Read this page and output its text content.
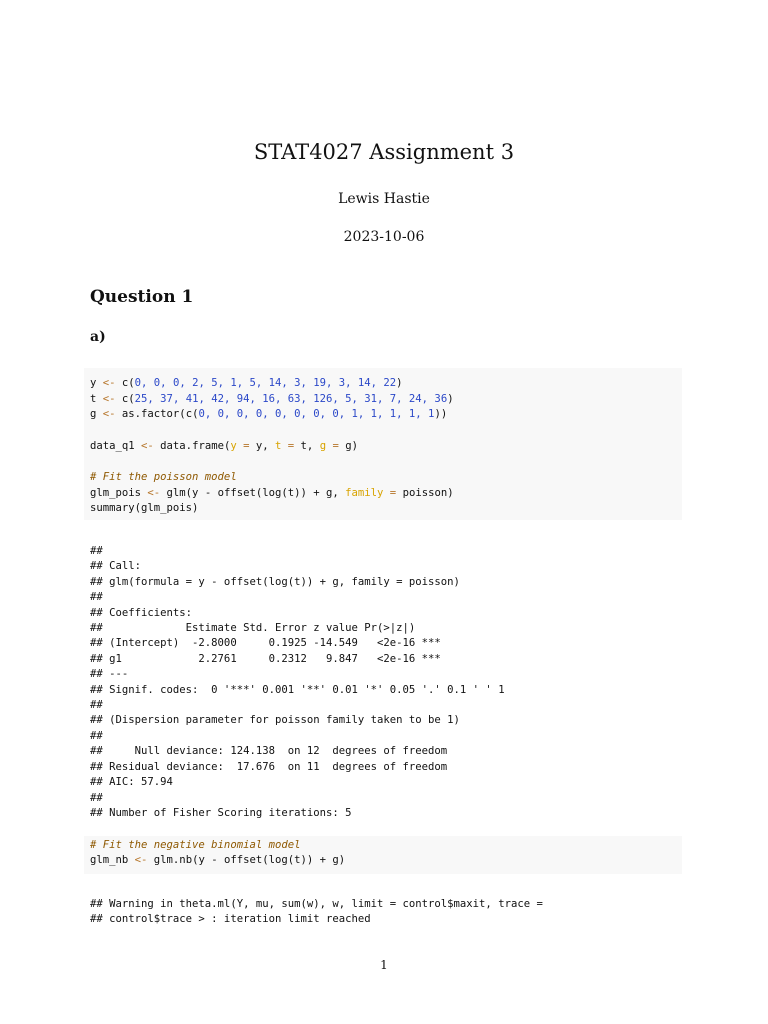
STAT4027 Assignment 3
Lewis Hastie
2023-10-06
Question 1
a)
y <- c(0, 0, 0, 2, 5, 1, 5, 14, 3, 19, 3, 14, 22)
t <- c(25, 37, 41, 42, 94, 16, 63, 126, 5, 31, 7, 24, 36)
g <- as.factor(c(0, 0, 0, 0, 0, 0, 0, 0, 1, 1, 1, 1, 1))
data_q1 <- data.frame(y = y, t = t, g = g)
# Fit the poisson model
glm_pois <- glm(y - offset(log(t)) + g, family = poisson)
summary(glm_pois)
##
## Call:
## glm(formula = y - offset(log(t)) + g, family = poisson)
##
## Coefficients:
##             Estimate Std. Error z value Pr(>|z|)
## (Intercept)  -2.8000     0.1925 -14.549   <2e-16 ***
## g1            2.2761     0.2312   9.847   <2e-16 ***
## ---
## Signif. codes:  0 '***' 0.001 '**' 0.01 '*' 0.05 '.' 0.1 ' ' 1
##
## (Dispersion parameter for poisson family taken to be 1)
##
##     Null deviance: 124.138  on 12  degrees of freedom
## Residual deviance:  17.676  on 11  degrees of freedom
## AIC: 57.94
##
## Number of Fisher Scoring iterations: 5
# Fit the negative binomial model
glm_nb <- glm.nb(y - offset(log(t)) + g)
## Warning in theta.ml(Y, mu, sum(w), w, limit = control$maxit, trace =
## control$trace > : iteration limit reached
1
